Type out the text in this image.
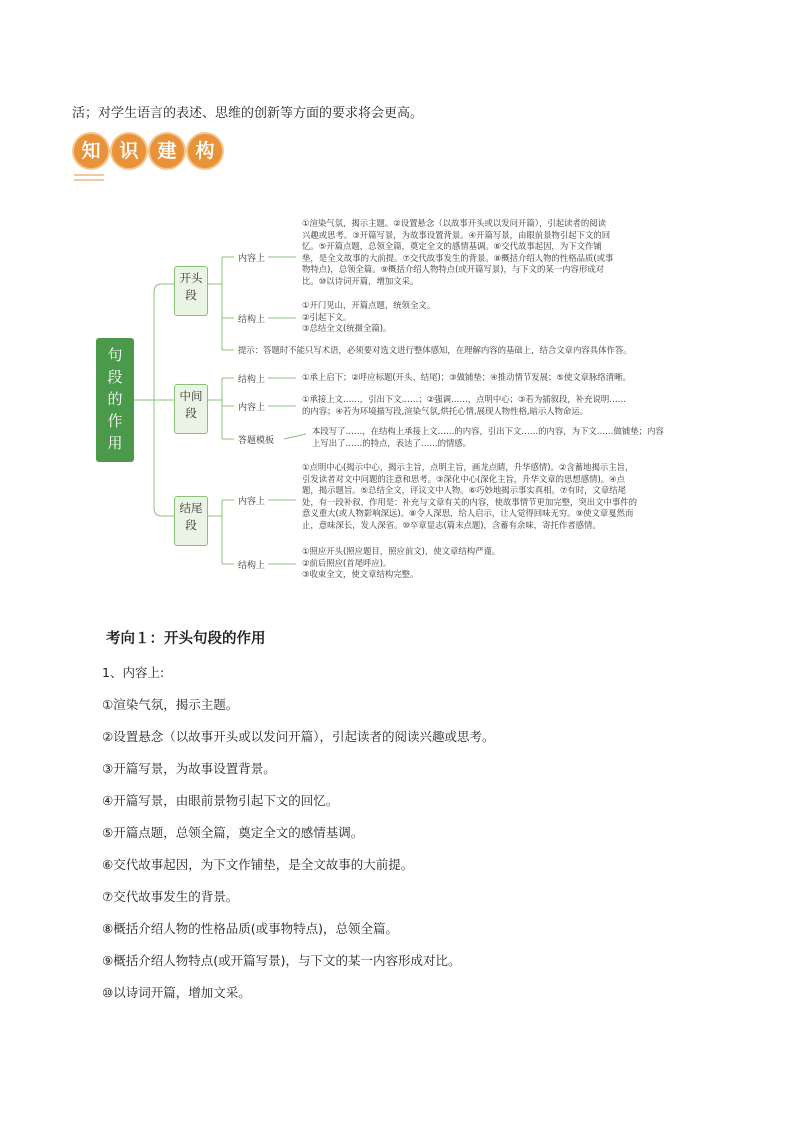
活；对学生语言的表述、思维的创新等方面的要求将会更高。
知 识 建 构
句段的作用
开头段
中间段
结尾段
内容上
①渲染气氛，揭示主题。②设置悬念（以故事开头或以发问开篇），引起读者的阅读
兴趣或思考。③开篇写景，为故事设置背景。④开篇写景，由眼前景物引起下文的回
忆。⑤开篇点题，总领全篇，奠定全文的感情基调。⑥交代故事起因，为下文作铺
垫，是全文故事的大前提。⑦交代故事发生的背景。⑧概括介绍人物的性格品质(或事
物特点)，总领全篇。⑨概括介绍人物特点(或开篇写景)，与下文的某一内容形成对
比。⑩以诗词开篇，增加文采。
结构上
①开门见山，开篇点题，统领全文。
②引起下文。
③总结全文(统摄全篇)。
提示：答题时不能只写术语，必须要对选文进行整体感知，在理解内容的基础上，结合文章内容具体作答。
结构上	①承上启下；②呼应标题(开头、结尾)；③做铺垫；④推动情节发展；⑤使文章脉络清晰。
内容上
①承接上文……，引出下文……；②强调……，点明中心；③若为插叙段，补充说明……
的内容；④若为环境描写段,渲染气氛,烘托心情,展现人物性格,暗示人物命运。
答题模板
本段写了……，在结构上承接上文……的内容，引出下文……的内容，为下文……做铺垫；内容
上写出了……的特点，表达了……的情感。
内容上
①点明中心(揭示中心，揭示主旨，点明主旨，画龙点睛，升华感情)。②含蓄地揭示主旨，
引发读者对文中问题的注意和思考。③深化中心(深化主旨，升华文章的思想感情)。④点
题，揭示题旨。⑤总结全文，评议文中人物。⑥巧妙地揭示事实真相。⑦有时，文章结尾
处，有一段补叙，作用是：补充与文章有关的内容，使故事情节更加完整，突出文中事件的
意义重大(或人物影响深远)。⑧令人深思，给人启示，让人觉得回味无穷。⑨使文章戛然而
止，意味深长，发人深省。⑩卒章显志(篇末点题)，含蓄有余味，寄托作者感情。
结构上
①照应开头(照应题目，照应前文)，使文章结构严谨。
②前后照应(首尾呼应)。
③收束全文，使文章结构完整。
考向１：开头句段的作用
1、内容上:
①渲染气氛，揭示主题。
②设置悬念（以故事开头或以发问开篇），引起读者的阅读兴趣或思考。
③开篇写景，为故事设置背景。
④开篇写景，由眼前景物引起下文的回忆。
⑤开篇点题，总领全篇，奠定全文的感情基调。
⑥交代故事起因，为下文作铺垫，是全文故事的大前提。
⑦交代故事发生的背景。
⑧概括介绍人物的性格品质(或事物特点)，总领全篇。
⑨概括介绍人物特点(或开篇写景)，与下文的某一内容形成对比。
⑩以诗词开篇，增加文采。
